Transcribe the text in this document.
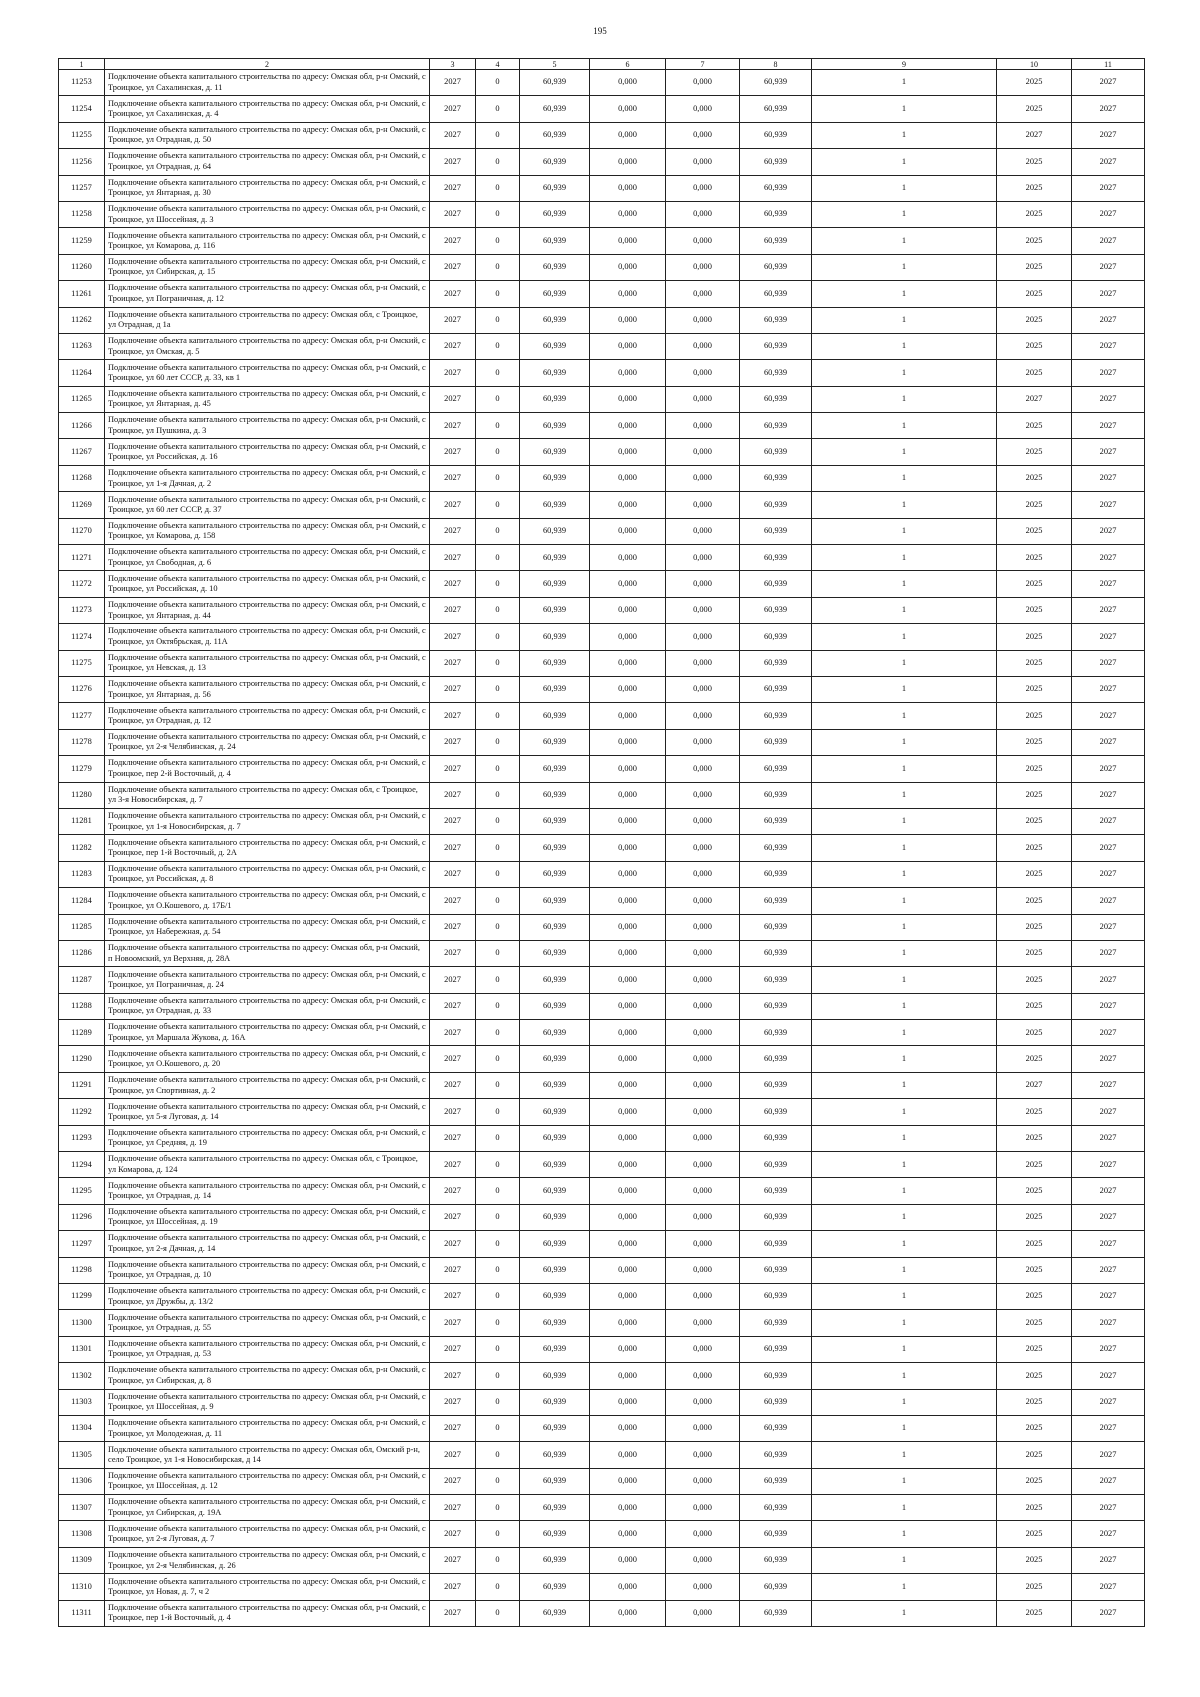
195
1	2	3	4	5	6	7	8	9	10	11
11253	Подключение объекта капитального строительства по адресу: Омская обл, р-н Омский, с Троицкое, ул Сахалинская, д. 11	2027	0	60,939	0,000	0,000	60,939	1	2025	2027
11254	Подключение объекта капитального строительства по адресу: Омская обл, р-н Омский, с Троицкое, ул Сахалинская, д. 4	2027	0	60,939	0,000	0,000	60,939	1	2025	2027
11255	Подключение объекта капитального строительства по адресу: Омская обл, р-н Омский, с Троицкое, ул Отрадная, д. 50	2027	0	60,939	0,000	0,000	60,939	1	2027	2027
11256	Подключение объекта капитального строительства по адресу: Омская обл, р-н Омский, с Троицкое, ул Отрадная, д. 64	2027	0	60,939	0,000	0,000	60,939	1	2025	2027
11257	Подключение объекта капитального строительства по адресу: Омская обл, р-н Омский, с Троицкое, ул Янтарная, д. 30	2027	0	60,939	0,000	0,000	60,939	1	2025	2027
11258	Подключение объекта капитального строительства по адресу: Омская обл, р-н Омский, с Троицкое, ул Шоссейная, д. 3	2027	0	60,939	0,000	0,000	60,939	1	2025	2027
11259	Подключение объекта капитального строительства по адресу: Омская обл, р-н Омский, с Троицкое, ул Комарова, д. 116	2027	0	60,939	0,000	0,000	60,939	1	2025	2027
11260	Подключение объекта капитального строительства по адресу: Омская обл, р-н Омский, с Троицкое, ул Сибирская, д. 15	2027	0	60,939	0,000	0,000	60,939	1	2025	2027
11261	Подключение объекта капитального строительства по адресу: Омская обл, р-н Омский, с Троицкое, ул Пограничная, д. 12	2027	0	60,939	0,000	0,000	60,939	1	2025	2027
11262	Подключение объекта капитального строительства по адресу: Омская обл, с Троицкое, ул Отрадная, д 1а	2027	0	60,939	0,000	0,000	60,939	1	2025	2027
11263	Подключение объекта капитального строительства по адресу: Омская обл, р-н Омский, с Троицкое, ул Омская, д. 5	2027	0	60,939	0,000	0,000	60,939	1	2025	2027
11264	Подключение объекта капитального строительства по адресу: Омская обл, р-н Омский, с Троицкое, ул 60 лет СССР, д. 33, кв 1	2027	0	60,939	0,000	0,000	60,939	1	2025	2027
11265	Подключение объекта капитального строительства по адресу: Омская обл, р-н Омский, с Троицкое, ул Янтарная, д. 45	2027	0	60,939	0,000	0,000	60,939	1	2027	2027
11266	Подключение объекта капитального строительства по адресу: Омская обл, р-н Омский, с Троицкое, ул Пушкина, д. 3	2027	0	60,939	0,000	0,000	60,939	1	2025	2027
11267	Подключение объекта капитального строительства по адресу: Омская обл, р-н Омский, с Троицкое, ул Российская, д. 16	2027	0	60,939	0,000	0,000	60,939	1	2025	2027
11268	Подключение объекта капитального строительства по адресу: Омская обл, р-н Омский, с Троицкое, ул 1-я Дачная, д. 2	2027	0	60,939	0,000	0,000	60,939	1	2025	2027
11269	Подключение объекта капитального строительства по адресу: Омская обл, р-н Омский, с Троицкое, ул 60 лет СССР, д. 37	2027	0	60,939	0,000	0,000	60,939	1	2025	2027
11270	Подключение объекта капитального строительства по адресу: Омская обл, р-н Омский, с Троицкое, ул Комарова, д. 158	2027	0	60,939	0,000	0,000	60,939	1	2025	2027
11271	Подключение объекта капитального строительства по адресу: Омская обл, р-н Омский, с Троицкое, ул Свободная, д. 6	2027	0	60,939	0,000	0,000	60,939	1	2025	2027
11272	Подключение объекта капитального строительства по адресу: Омская обл, р-н Омский, с Троицкое, ул Российская, д. 10	2027	0	60,939	0,000	0,000	60,939	1	2025	2027
11273	Подключение объекта капитального строительства по адресу: Омская обл, р-н Омский, с Троицкое, ул Янтарная, д. 44	2027	0	60,939	0,000	0,000	60,939	1	2025	2027
11274	Подключение объекта капитального строительства по адресу: Омская обл, р-н Омский, с Троицкое, ул Октябрьская, д. 11А	2027	0	60,939	0,000	0,000	60,939	1	2025	2027
11275	Подключение объекта капитального строительства по адресу: Омская обл, р-н Омский, с Троицкое, ул Невская, д. 13	2027	0	60,939	0,000	0,000	60,939	1	2025	2027
11276	Подключение объекта капитального строительства по адресу: Омская обл, р-н Омский, с Троицкое, ул Янтарная, д. 56	2027	0	60,939	0,000	0,000	60,939	1	2025	2027
11277	Подключение объекта капитального строительства по адресу: Омская обл, р-н Омский, с Троицкое, ул Отрадная, д. 12	2027	0	60,939	0,000	0,000	60,939	1	2025	2027
11278	Подключение объекта капитального строительства по адресу: Омская обл, р-н Омский, с Троицкое, ул 2-я Челябинская, д. 24	2027	0	60,939	0,000	0,000	60,939	1	2025	2027
11279	Подключение объекта капитального строительства по адресу: Омская обл, р-н Омский, с Троицкое, пер 2-й Восточный, д. 4	2027	0	60,939	0,000	0,000	60,939	1	2025	2027
11280	Подключение объекта капитального строительства по адресу: Омская обл, с Троицкое, ул 3-я Новосибирская, д. 7	2027	0	60,939	0,000	0,000	60,939	1	2025	2027
11281	Подключение объекта капитального строительства по адресу: Омская обл, р-н Омский, с Троицкое, ул 1-я Новосибирская, д. 7	2027	0	60,939	0,000	0,000	60,939	1	2025	2027
11282	Подключение объекта капитального строительства по адресу: Омская обл, р-н Омский, с Троицкое, пер 1-й Восточный, д. 2А	2027	0	60,939	0,000	0,000	60,939	1	2025	2027
11283	Подключение объекта капитального строительства по адресу: Омская обл, р-н Омский, с Троицкое, ул Российская, д. 8	2027	0	60,939	0,000	0,000	60,939	1	2025	2027
11284	Подключение объекта капитального строительства по адресу: Омская обл, р-н Омский, с Троицкое, ул О.Кошевого, д. 17Б/1	2027	0	60,939	0,000	0,000	60,939	1	2025	2027
11285	Подключение объекта капитального строительства по адресу: Омская обл, р-н Омский, с Троицкое, ул Набережная, д. 54	2027	0	60,939	0,000	0,000	60,939	1	2025	2027
11286	Подключение объекта капитального строительства по адресу: Омская обл, р-н Омский, п Новоомский, ул Верхняя, д. 28А	2027	0	60,939	0,000	0,000	60,939	1	2025	2027
11287	Подключение объекта капитального строительства по адресу: Омская обл, р-н Омский, с Троицкое, ул Пограничная, д. 24	2027	0	60,939	0,000	0,000	60,939	1	2025	2027
11288	Подключение объекта капитального строительства по адресу: Омская обл, р-н Омский, с Троицкое, ул Отрадная, д. 33	2027	0	60,939	0,000	0,000	60,939	1	2025	2027
11289	Подключение объекта капитального строительства по адресу: Омская обл, р-н Омский, с Троицкое, ул Маршала Жукова, д. 16А	2027	0	60,939	0,000	0,000	60,939	1	2025	2027
11290	Подключение объекта капитального строительства по адресу: Омская обл, р-н Омский, с Троицкое, ул О.Кошевого, д. 20	2027	0	60,939	0,000	0,000	60,939	1	2025	2027
11291	Подключение объекта капитального строительства по адресу: Омская обл, р-н Омский, с Троицкое, ул Спортивная, д. 2	2027	0	60,939	0,000	0,000	60,939	1	2027	2027
11292	Подключение объекта капитального строительства по адресу: Омская обл, р-н Омский, с Троицкое, ул 5-я Луговая, д. 14	2027	0	60,939	0,000	0,000	60,939	1	2025	2027
11293	Подключение объекта капитального строительства по адресу: Омская обл, р-н Омский, с Троицкое, ул Средняя, д. 19	2027	0	60,939	0,000	0,000	60,939	1	2025	2027
11294	Подключение объекта капитального строительства по адресу: Омская обл, с Троицкое, ул Комарова, д. 124	2027	0	60,939	0,000	0,000	60,939	1	2025	2027
11295	Подключение объекта капитального строительства по адресу: Омская обл, р-н Омский, с Троицкое, ул Отрадная, д. 14	2027	0	60,939	0,000	0,000	60,939	1	2025	2027
11296	Подключение объекта капитального строительства по адресу: Омская обл, р-н Омский, с Троицкое, ул Шоссейная, д. 19	2027	0	60,939	0,000	0,000	60,939	1	2025	2027
11297	Подключение объекта капитального строительства по адресу: Омская обл, р-н Омский, с Троицкое, ул 2-я Дачная, д. 14	2027	0	60,939	0,000	0,000	60,939	1	2025	2027
11298	Подключение объекта капитального строительства по адресу: Омская обл, р-н Омский, с Троицкое, ул Отрадная, д. 10	2027	0	60,939	0,000	0,000	60,939	1	2025	2027
11299	Подключение объекта капитального строительства по адресу: Омская обл, р-н Омский, с Троицкое, ул Дружбы, д. 13/2	2027	0	60,939	0,000	0,000	60,939	1	2025	2027
11300	Подключение объекта капитального строительства по адресу: Омская обл, р-н Омский, с Троицкое, ул Отрадная, д. 55	2027	0	60,939	0,000	0,000	60,939	1	2025	2027
11301	Подключение объекта капитального строительства по адресу: Омская обл, р-н Омский, с Троицкое, ул Отрадная, д. 53	2027	0	60,939	0,000	0,000	60,939	1	2025	2027
11302	Подключение объекта капитального строительства по адресу: Омская обл, р-н Омский, с Троицкое, ул Сибирская, д. 8	2027	0	60,939	0,000	0,000	60,939	1	2025	2027
11303	Подключение объекта капитального строительства по адресу: Омская обл, р-н Омский, с Троицкое, ул Шоссейная, д. 9	2027	0	60,939	0,000	0,000	60,939	1	2025	2027
11304	Подключение объекта капитального строительства по адресу: Омская обл, р-н Омский, с Троицкое, ул Молодежная, д. 11	2027	0	60,939	0,000	0,000	60,939	1	2025	2027
11305	Подключение объекта капитального строительства по адресу: Омская обл, Омский р-н, село Троицкое, ул 1-я Новосибирская, д 14	2027	0	60,939	0,000	0,000	60,939	1	2025	2027
11306	Подключение объекта капитального строительства по адресу: Омская обл, р-н Омский, с Троицкое, ул Шоссейная, д. 12	2027	0	60,939	0,000	0,000	60,939	1	2025	2027
11307	Подключение объекта капитального строительства по адресу: Омская обл, р-н Омский, с Троицкое, ул Сибирская, д. 19А	2027	0	60,939	0,000	0,000	60,939	1	2025	2027
11308	Подключение объекта капитального строительства по адресу: Омская обл, р-н Омский, с Троицкое, ул 2-я Луговая, д. 7	2027	0	60,939	0,000	0,000	60,939	1	2025	2027
11309	Подключение объекта капитального строительства по адресу: Омская обл, р-н Омский, с Троицкое, ул 2-я Челябинская, д. 26	2027	0	60,939	0,000	0,000	60,939	1	2025	2027
11310	Подключение объекта капитального строительства по адресу: Омская обл, р-н Омский, с Троицкое, ул Новая, д. 7, ч 2	2027	0	60,939	0,000	0,000	60,939	1	2025	2027
11311	Подключение объекта капитального строительства по адресу: Омская обл, р-н Омский, с Троицкое, пер 1-й Восточный, д. 4	2027	0	60,939	0,000	0,000	60,939	1	2025	2027
